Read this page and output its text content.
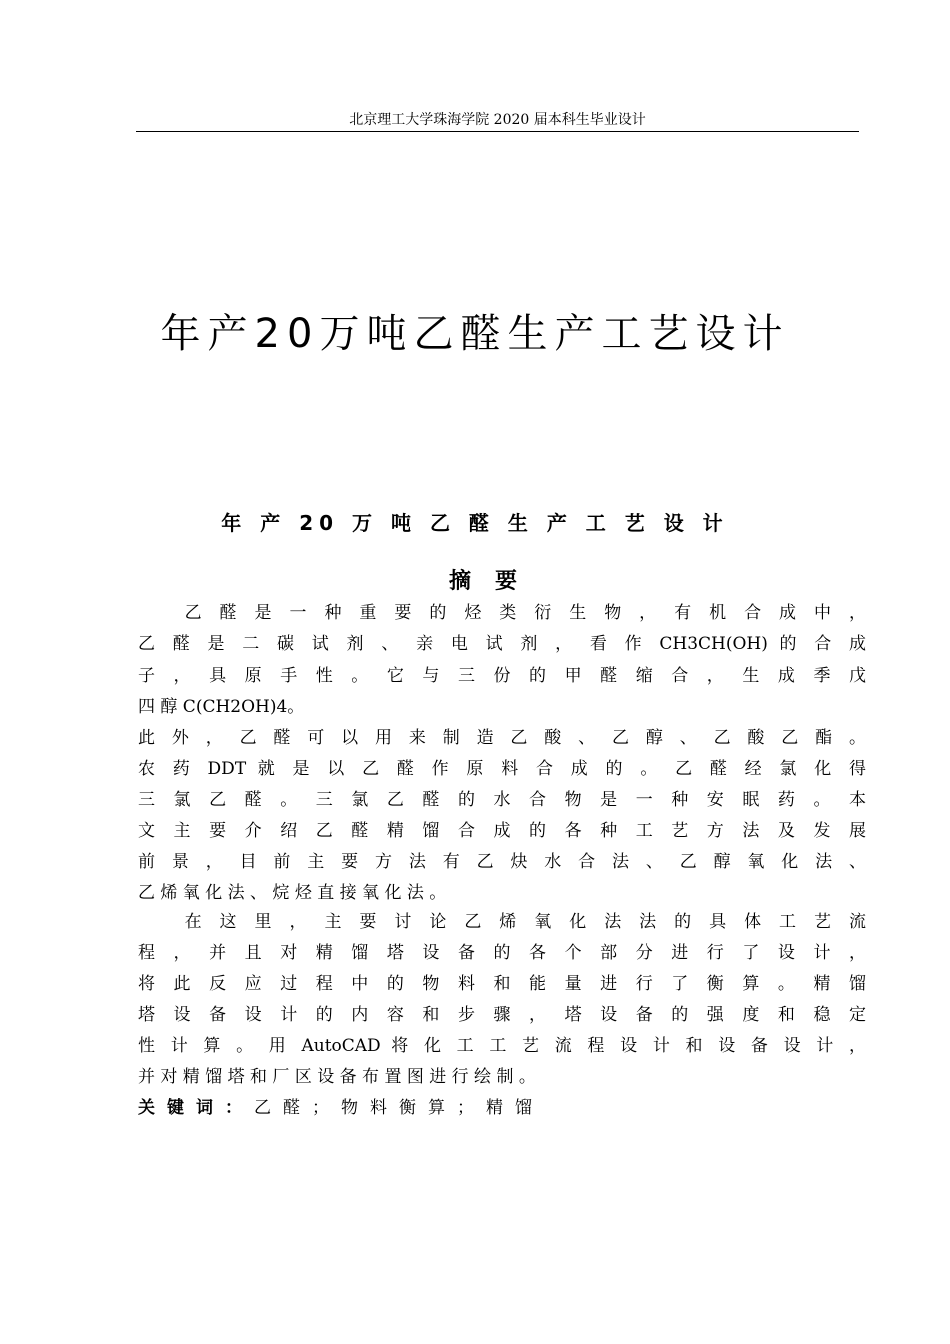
北京理工大学珠海学院 2020 届本科生毕业设计
年产20万吨乙醛生产工艺设计
年 产 20 万 吨 乙 醛 生 产 工 艺 设 计
摘要
　　乙 醛 是 一 种 重 要 的 烃 类 衍 生 物 ， 有 机 合 成 中 ，
乙 醛 是 二 碳 试 剂 、 亲 电 试 剂 ， 看 作 CH3CH(OH) 的 合 成
子 ， 具 原 手 性 。 它 与 三 份 的 甲 醛 缩 合 ， 生 成 季 戊
四 醇 C(CH2OH)4。
此 外 ， 乙 醛 可 以 用 来 制 造 乙 酸 、 乙 醇 、 乙 酸 乙 酯 。
农 药 DDT 就 是 以 乙 醛 作 原 料 合 成 的 。 乙 醛 经 氯 化 得
三 氯 乙 醛 。 三 氯 乙 醛 的 水 合 物 是 一 种 安 眠 药 。 本
文 主 要 介 绍 乙 醛 精 馏 合 成 的 各 种 工 艺 方 法 及 发 展
前 景 ， 目 前 主 要 方 法 有 乙 炔 水 合 法 、 乙 醇 氧 化 法 、
乙 烯 氧 化 法 、 烷 烃 直 接 氧 化 法 。
　　在 这 里 ， 主 要 讨 论 乙 烯 氧 化 法 法 的 具 体 工 艺 流
程 ， 并 且 对 精 馏 塔 设 备 的 各 个 部 分 进 行 了 设 计 ，
将 此 反 应 过 程 中 的 物 料 和 能 量 进 行 了 衡 算 。 精 馏
塔 设 备 设 计 的 内 容 和 步 骤 ， 塔 设 备 的 强 度 和 稳 定
性 计 算 。 用 AutoCAD 将 化 工 工 艺 流 程 设 计 和 设 备 设 计 ，
并 对 精 馏 塔 和 厂 区 设 备 布 置 图 进 行 绘 制 。
关键词：乙醛；物料衡算；精馏
